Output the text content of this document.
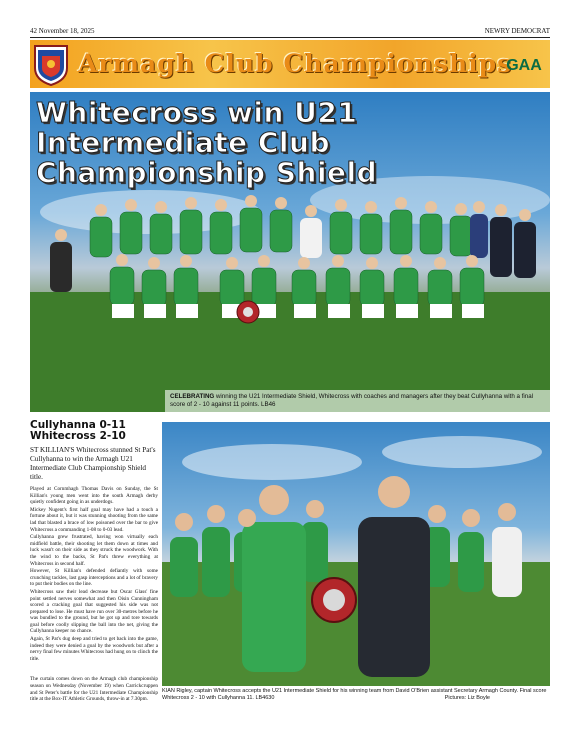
42 November 18, 2025	NEWRY DEMOCRAT
Armagh Club Championships
GAA
Whitecross win U21 Intermediate Club Championship Shield
CELEBRATING winning the U21 Intermediate Shield, Whitecross with coaches and managers after they beat Cullyhanna with a final score of 2 - 10 against 11 points. LB46
Cullyhanna 0-11 Whitecross 2-10
ST KILLIAN'S Whitecross stunned St Pat's Cullyhanna to win the Armagh U21 Intermediate Club Championship Shield title.

Played at Cornmhagh Thomas Davis on Sunday, the St Killian's young men went into the south Armagh derby quietly confident going in as underdogs.

Mickey Nugent's first half goal may have had a touch a fortune about it, but it was stunning shooting from the same lad that blasted a brace of low poisoned over the bar to give Whitecross a commanding 1-08 to 0-03 lead.

Cullyhanna grew frustrated, having won virtually each midfield battle, their shooting let them down at times and luck wasn't on their side as they struck the woodwork. With the wind to the backs, St Pat's threw everything at Whitecross in second half.

However, St Killian's defended defiantly with some crunching tackles, last gasp interceptions and a lot of bravery to put their bodies on the line.

Whitecross saw their lead decrease but Oscar Glass' fine point settled nerves somewhat and then Oisin Cunningham scored a cracking goal that suggested his side was not prepared to lose. He must have run over 30-metres before he was bundled to the ground, but he got up and tore towards goal before coolly slipping the ball into the net, giving the Cullyhanna keeper no chance.

Again, St Pat's dug deep and tried to get back into the game, indeed they were denied a goal by the woodwork but after a nervy final few minutes Whitecross had hung on to clinch the title.

The curtain comes down on the Armagh club championship season on Wednesday (November 19) when Carrickcruppen and St Peter's battle for the U21 Intermediate Championship title at the Box-IT Athletic Grounds, throw-in at 7.30pm.

KIAN Rigley, captain Whitecross accepts the U21 Intermediate Shield for his winning team from David O'Brien assistant Secretary Armagh County. Final score Whitecross 2 - 10 with Cullyhanna 11. LB4630	Pictures: Liz Boyle
